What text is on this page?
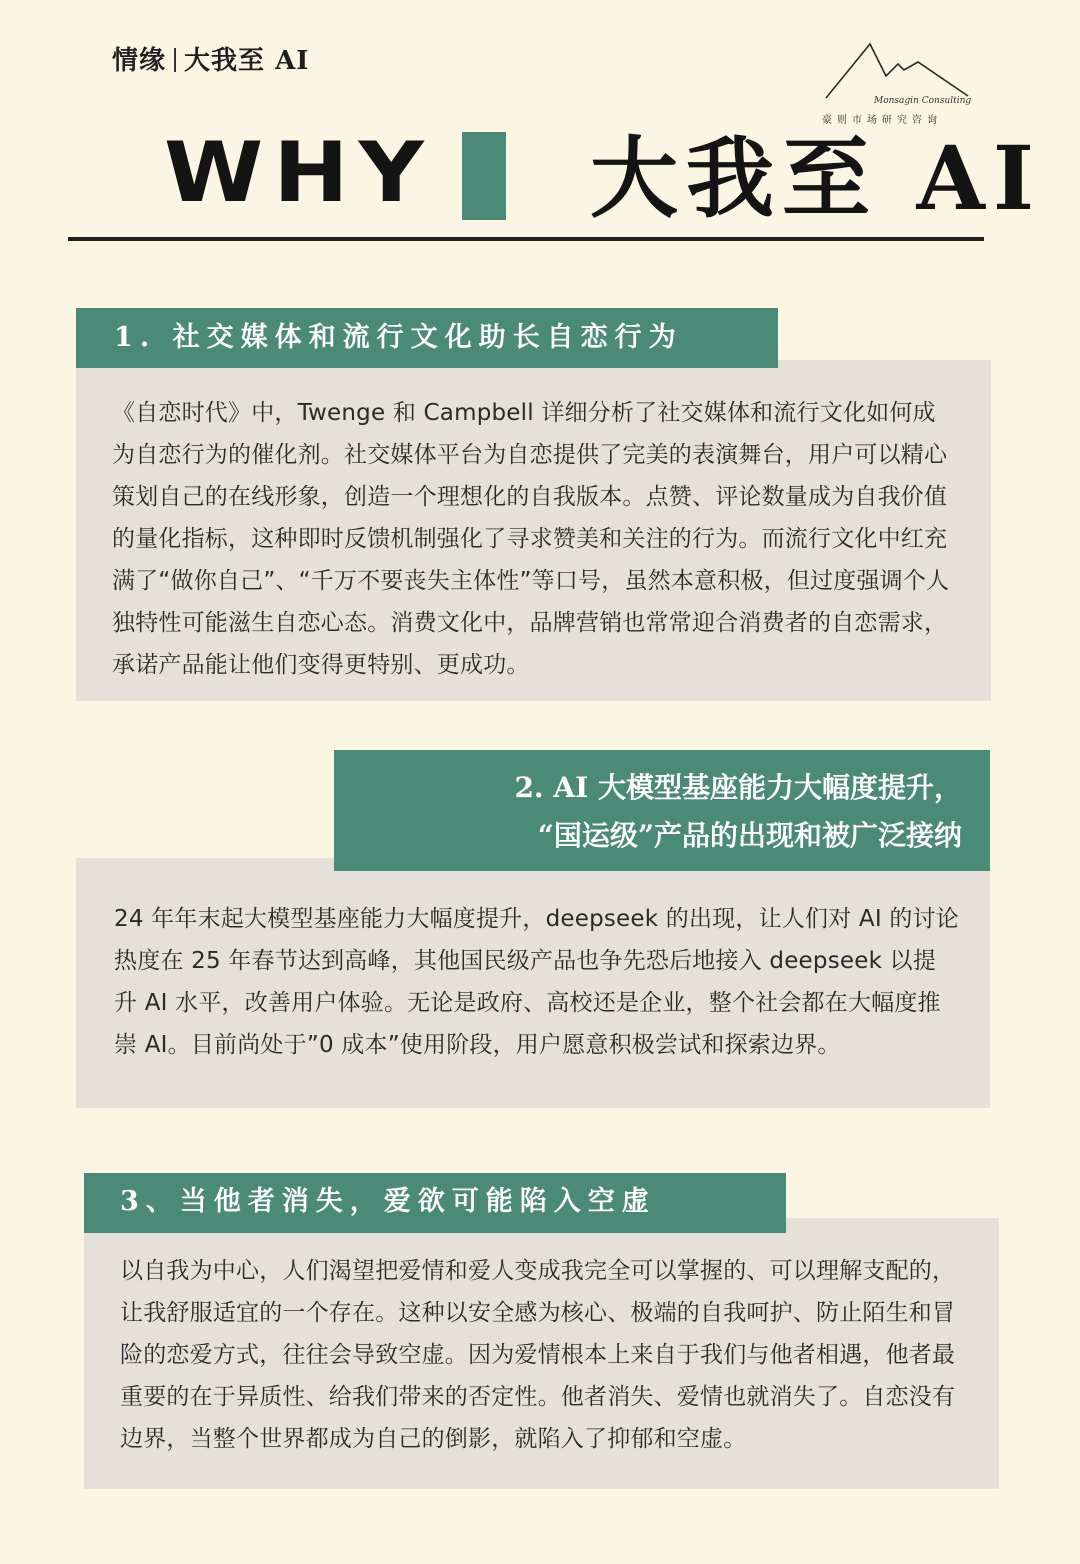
情缘 大我至 AI
Monsagin Consulting
豪则市场研究咨询
WHY 大我至 AI
1. 社交媒体和流行文化助长自恋行为
《自恋时代》中，Twenge 和 Campbell 详细分析了社交媒体和流行文化如何成为自恋行为的催化剂。社交媒体平台为自恋提供了完美的表演舞台，用户可以精心策划自己的在线形象，创造一个理想化的自我版本。点赞、评论数量成为自我价值的量化指标，这种即时反馈机制强化了寻求赞美和关注的行为。而流行文化中红充满了“做你自己”、“千万不要丧失主体性”等口号，虽然本意积极，但过度强调个人独特性可能滋生自恋心态。消费文化中，品牌营销也常常迎合消费者的自恋需求，承诺产品能让他们变得更特别、更成功。
2. AI 大模型基座能力大幅度提升，
“国运级”产品的出现和被广泛接纳
24 年年末起大模型基座能力大幅度提升，deepseek 的出现，让人们对 AI 的讨论热度在 25 年春节达到高峰，其他国民级产品也争先恐后地接入 deepseek 以提升 AI 水平，改善用户体验。无论是政府、高校还是企业，整个社会都在大幅度推崇 AI。目前尚处于”0 成本”使用阶段，用户愿意积极尝试和探索边界。
3、当他者消失，爱欲可能陷入空虚
以自我为中心，人们渴望把爱情和爱人变成我完全可以掌握的、可以理解支配的，让我舒服适宜的一个存在。这种以安全感为核心、极端的自我呵护、防止陌生和冒险的恋爱方式，往往会导致空虚。因为爱情根本上来自于我们与他者相遇，他者最重要的在于异质性、给我们带来的否定性。他者消失、爱情也就消失了。自恋没有边界，当整个世界都成为自己的倒影，就陷入了抑郁和空虚。
